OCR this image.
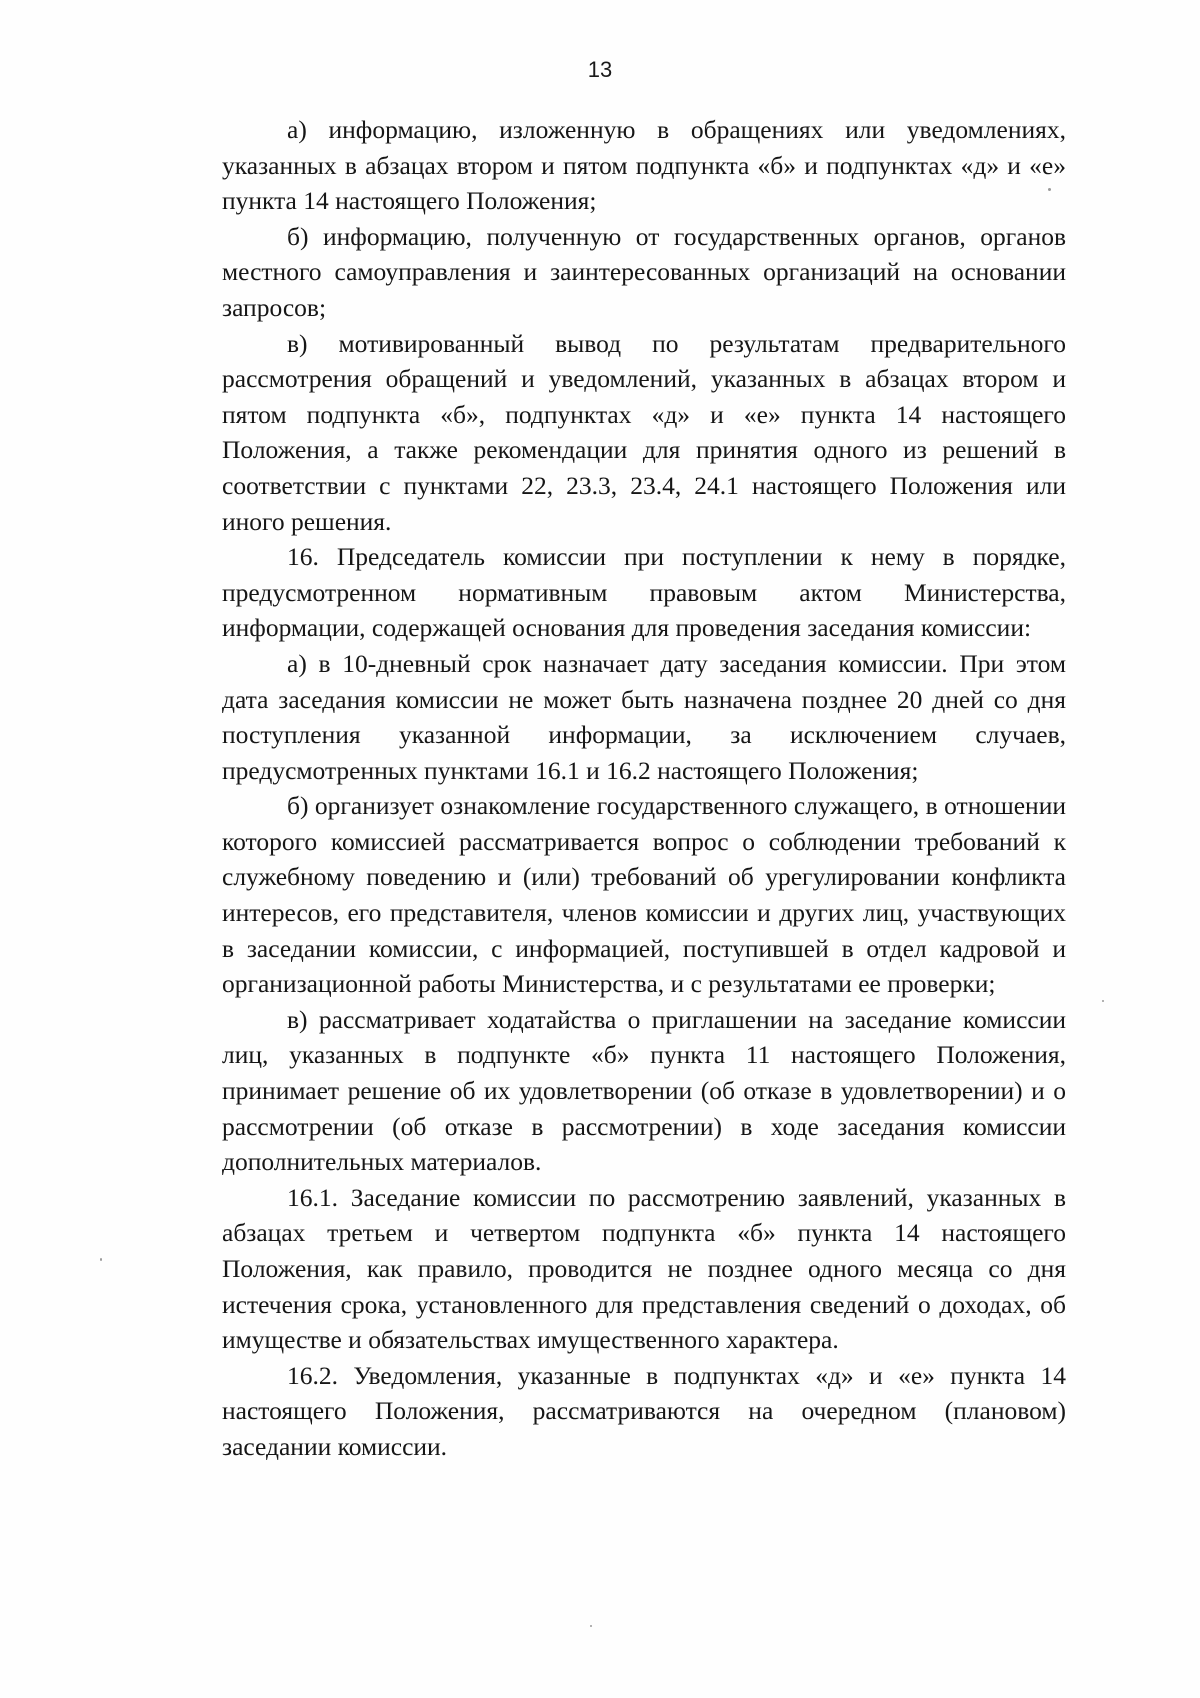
13

а) информацию, изложенную в обращениях или уведомлениях, указанных в абзацах втором и пятом подпункта «б» и подпунктах «д» и «е» пункта 14 настоящего Положения;

б) информацию, полученную от государственных органов, органов местного самоуправления и заинтересованных организаций на основании запросов;

в) мотивированный вывод по результатам предварительного рассмотрения обращений и уведомлений, указанных в абзацах втором и пятом подпункта «б», подпунктах «д» и «е» пункта 14 настоящего Положения, а также рекомендации для принятия одного из решений в соответствии с пунктами 22, 23.3, 23.4, 24.1 настоящего Положения или иного решения.

16. Председатель комиссии при поступлении к нему в порядке, предусмотренном нормативным правовым актом Министерства, информации, содержащей основания для проведения заседания комиссии:

а) в 10-дневный срок назначает дату заседания комиссии. При этом дата заседания комиссии не может быть назначена позднее 20 дней со дня поступления указанной информации, за исключением случаев, предусмотренных пунктами 16.1 и 16.2 настоящего Положения;

б) организует ознакомление государственного служащего, в отношении которого комиссией рассматривается вопрос о соблюдении требований к служебному поведению и (или) требований об урегулировании конфликта интересов, его представителя, членов комиссии и других лиц, участвующих в заседании комиссии, с информацией, поступившей в отдел кадровой и организационной работы Министерства, и с результатами ее проверки;

в) рассматривает ходатайства о приглашении на заседание комиссии лиц, указанных в подпункте «б» пункта 11 настоящего Положения, принимает решение об их удовлетворении (об отказе в удовлетворении) и о рассмотрении (об отказе в рассмотрении) в ходе заседания комиссии дополнительных материалов.

16.1. Заседание комиссии по рассмотрению заявлений, указанных в абзацах третьем и четвертом подпункта «б» пункта 14 настоящего Положения, как правило, проводится не позднее одного месяца со дня истечения срока, установленного для представления сведений о доходах, об имуществе и обязательствах имущественного характера.

16.2. Уведомления, указанные в подпунктах «д» и «е» пункта 14 настоящего Положения, рассматриваются на очередном (плановом) заседании комиссии.
